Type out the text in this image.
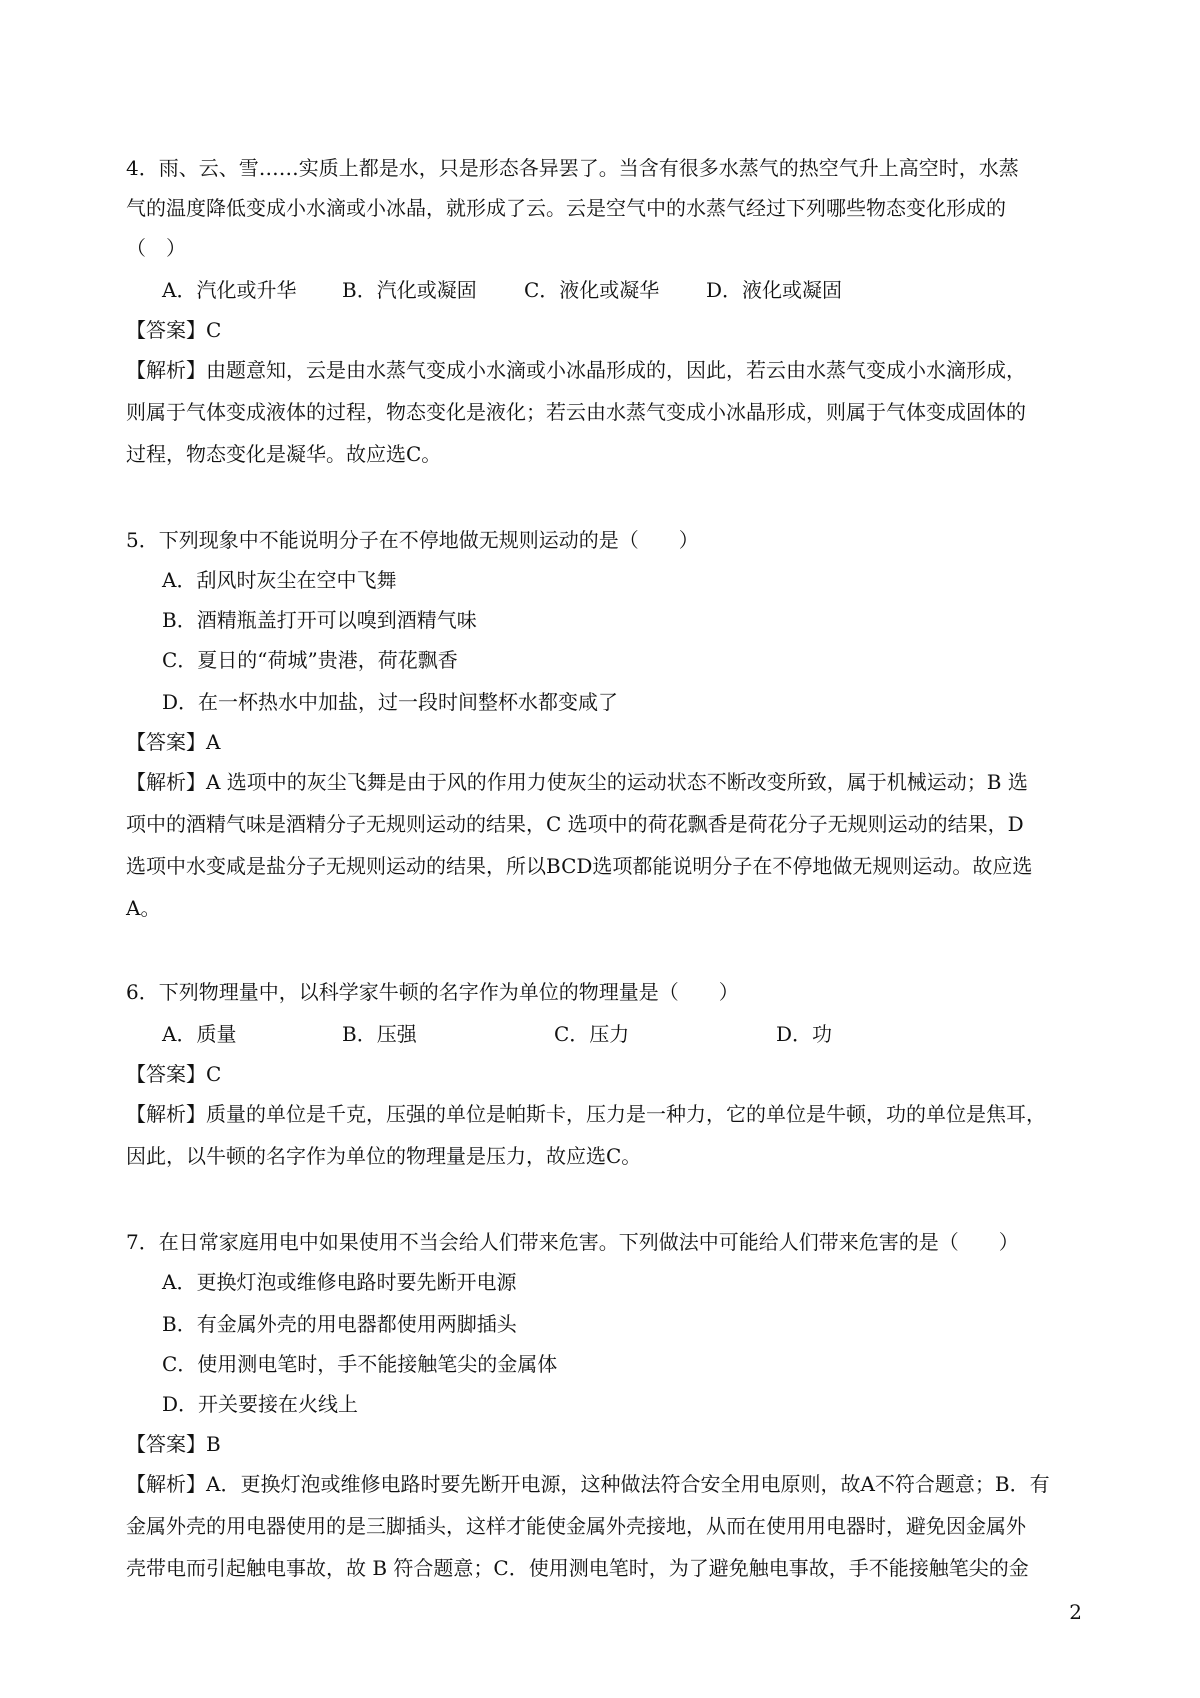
4．雨、云、雪……实质上都是水，只是形态各异罢了。当含有很多水蒸气的热空气升上高空时，水蒸
气的温度降低变成小水滴或小冰晶，就形成了云。云是空气中的水蒸气经过下列哪些物态变化形成的
（　）
A．汽化或升华 B．汽化或凝固 C．液化或凝华 D．液化或凝固
【答案】C
【解析】由题意知，云是由水蒸气变成小水滴或小冰晶形成的，因此，若云由水蒸气变成小水滴形成，
则属于气体变成液体的过程，物态变化是液化；若云由水蒸气变成小冰晶形成，则属于气体变成固体的
过程，物态变化是凝华。故应选C。
5．下列现象中不能说明分子在不停地做无规则运动的是（　　）
A．刮风时灰尘在空中飞舞
B．酒精瓶盖打开可以嗅到酒精气味
C．夏日的“荷城”贵港，荷花飘香
D．在一杯热水中加盐，过一段时间整杯水都变咸了
【答案】A
【解析】A 选项中的灰尘飞舞是由于风的作用力使灰尘的运动状态不断改变所致，属于机械运动；B 选
项中的酒精气味是酒精分子无规则运动的结果，C 选项中的荷花飘香是荷花分子无规则运动的结果，D
选项中水变咸是盐分子无规则运动的结果，所以BCD选项都能说明分子在不停地做无规则运动。故应选
A。
6．下列物理量中，以科学家牛顿的名字作为单位的物理量是（　　）
A．质量	B．压强	C．压力	D．功
【答案】C
【解析】质量的单位是千克，压强的单位是帕斯卡，压力是一种力，它的单位是牛顿，功的单位是焦耳，
因此，以牛顿的名字作为单位的物理量是压力，故应选C。
7．在日常家庭用电中如果使用不当会给人们带来危害。下列做法中可能给人们带来危害的是（　　）
A．更换灯泡或维修电路时要先断开电源
B．有金属外壳的用电器都使用两脚插头
C．使用测电笔时，手不能接触笔尖的金属体
D．开关要接在火线上
【答案】B
【解析】A．更换灯泡或维修电路时要先断开电源，这种做法符合安全用电原则，故A不符合题意；B．有
金属外壳的用电器使用的是三脚插头，这样才能使金属外壳接地，从而在使用用电器时，避免因金属外
壳带电而引起触电事故，故 B 符合题意；C．使用测电笔时，为了避免触电事故，手不能接触笔尖的金
2
